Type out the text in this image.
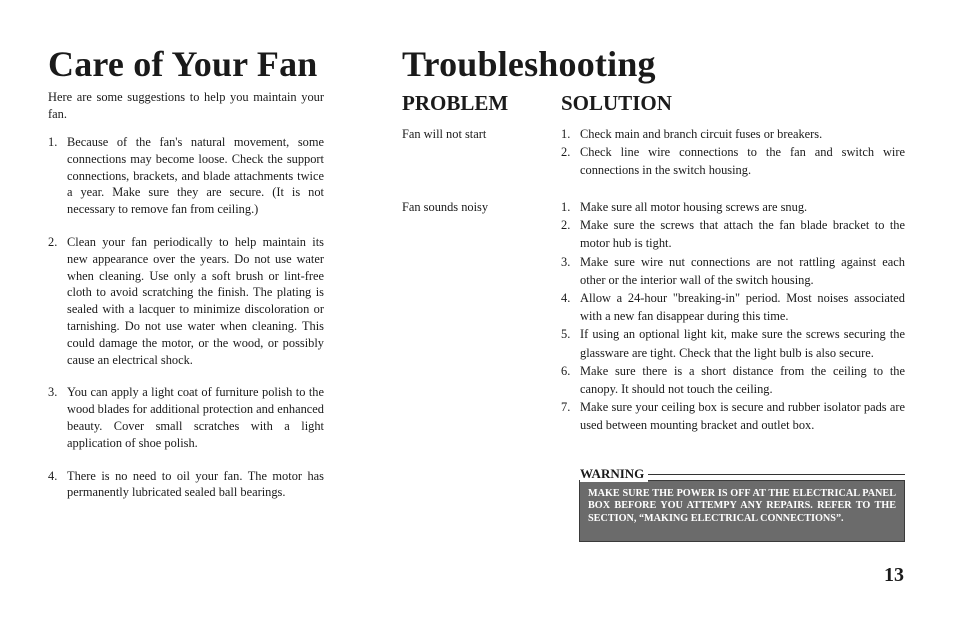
Care of Your Fan

Here are some suggestions to help you maintain your fan.

1. Because of the fan's natural movement, some connections may become loose. Check the support connections, brackets, and blade attachments twice a year. Make sure they are secure. (It is not necessary to remove fan from ceiling.)
2. Clean your fan periodically to help maintain its new appearance over the years. Do not use water when cleaning. Use only a soft brush or lint-free cloth to avoid scratching the finish. The plating is sealed with a lacquer to minimize discoloration or tarnishing. Do not use water when cleaning. This could damage the motor, or the wood, or possibly cause an electrical shock.
3. You can apply a light coat of furniture polish to the wood blades for additional protection and enhanced beauty. Cover small scratches with a light application of shoe polish.
4. There is no need to oil your fan. The motor has permanently lubricated sealed ball bearings.
Troubleshooting
PROBLEM	SOLUTION

Fan will not start	1. Check main and branch circuit fuses or breakers.
2. Check line wire connections to the fan and switch wire connections in the switch housing.

Fan sounds noisy	1. Make sure all motor housing screws are snug.
2. Make sure the screws that attach the fan blade bracket to the motor hub is tight.
3. Make sure wire nut connections are not rattling against each other or the interior wall of the switch housing.
4. Allow a 24-hour "breaking-in" period. Most noises associated with a new fan disappear during this time.
5. If using an optional light kit, make sure the screws securing the glassware are tight. Check that the light bulb is also secure.
6. Make sure there is a short distance from the ceiling to the canopy. It should not touch the ceiling.
7. Make sure your ceiling box is secure and rubber isolator pads are used between mounting bracket and outlet box.

WARNING

MAKE SURE THE POWER IS OFF AT THE ELECTRICAL PANEL BOX BEFORE YOU ATTEMPY ANY REPAIRS. REFER TO THE SECTION, “MAKING ELECTRICAL CONNECTIONS”.

13
